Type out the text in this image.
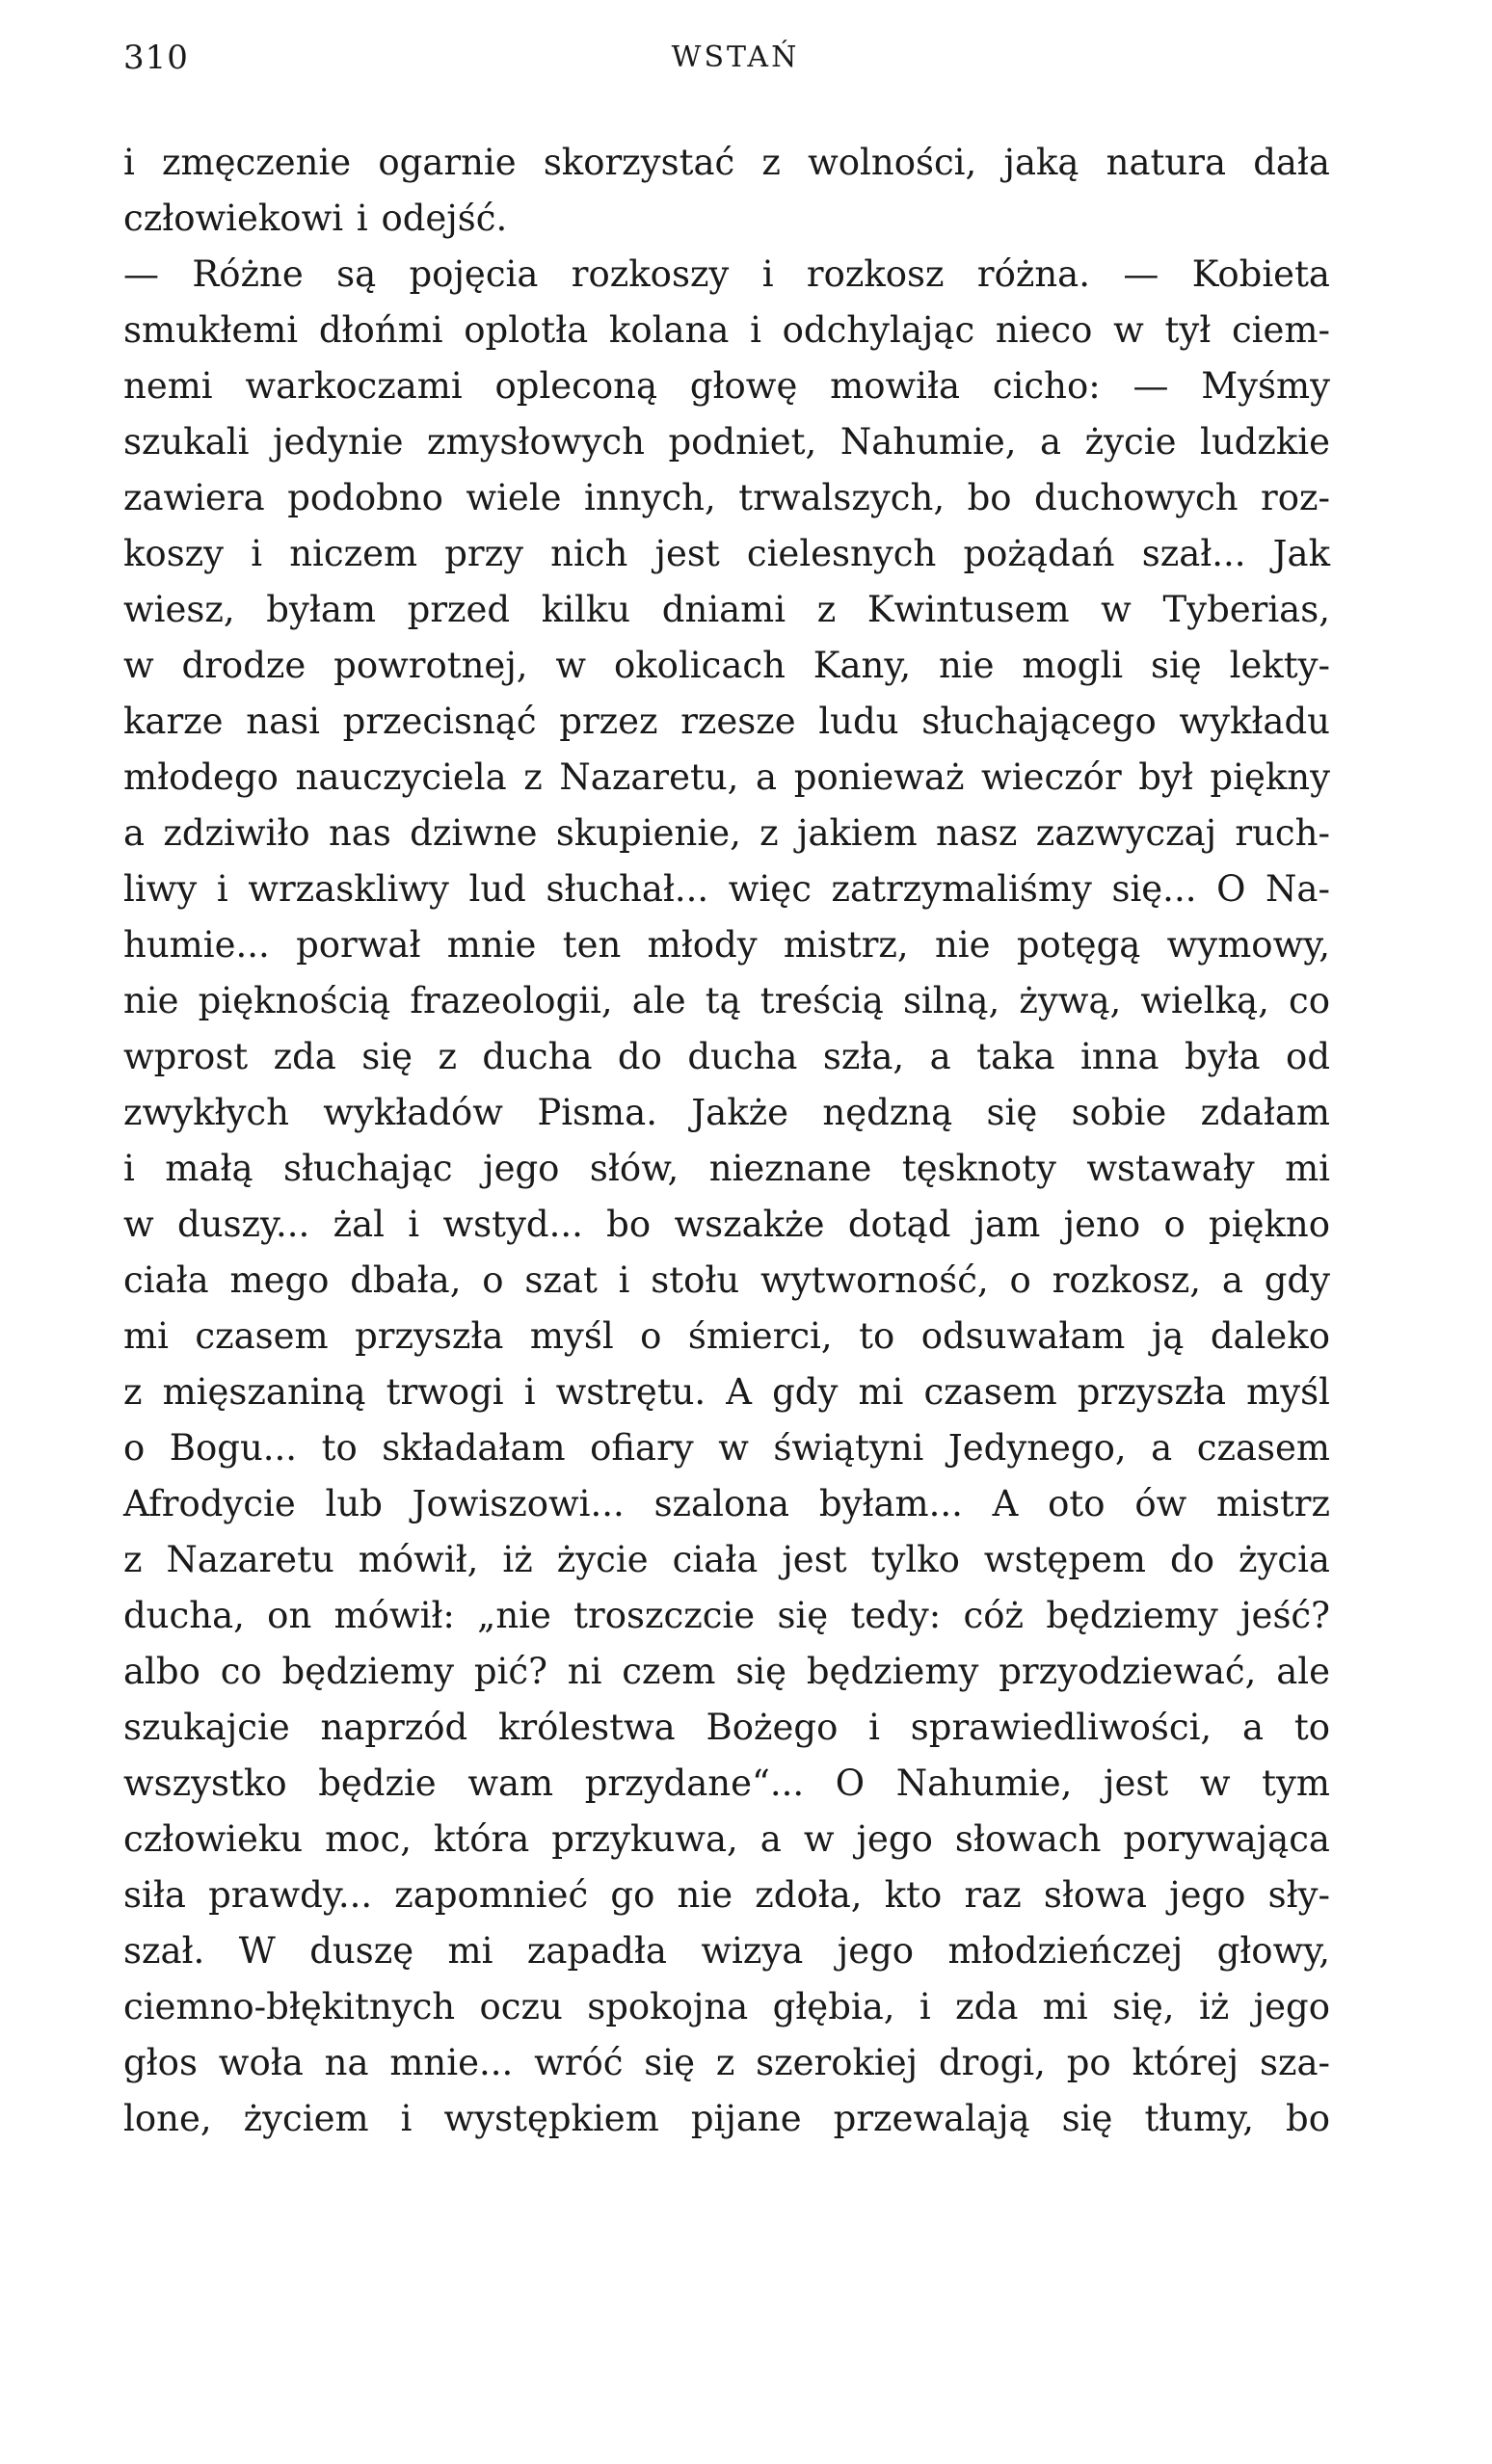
310	WSTAŃ
i zmęczenie ogarnie skorzystać z wolności, jaką natura dała
człowiekowi i odejść.
— Różne są pojęcia rozkoszy i rozkosz różna. — Kobieta
smukłemi dłońmi oplotła kolana i odchylając nieco w tył ciem-
nemi warkoczami opleconą głowę mowiła cicho: — Myśmy
szukali jedynie zmysłowych podniet, Nahumie, a życie ludzkie
zawiera podobno wiele innych, trwalszych, bo duchowych roz-
koszy i niczem przy nich jest cielesnych pożądań szał... Jak
wiesz, byłam przed kilku dniami z Kwintusem w Tyberias,
w drodze powrotnej, w okolicach Kany, nie mogli się lekty-
karze nasi przecisnąć przez rzesze ludu słuchającego wykładu
młodego nauczyciela z Nazaretu, a ponieważ wieczór był piękny
a zdziwiło nas dziwne skupienie, z jakiem nasz zazwyczaj ruch-
liwy i wrzaskliwy lud słuchał... więc zatrzymaliśmy się... O Na-
humie... porwał mnie ten młody mistrz, nie potęgą wymowy,
nie pięknością frazeologii, ale tą treścią silną, żywą, wielką, co
wprost zda się z ducha do ducha szła, a taka inna była od
zwykłych wykładów Pisma. Jakże nędzną się sobie zdałam
i małą słuchając jego słów, nieznane tęsknoty wstawały mi
w duszy... żal i wstyd... bo wszakże dotąd jam jeno o piękno
ciała mego dbała, o szat i stołu wytworność, o rozkosz, a gdy
mi czasem przyszła myśl o śmierci, to odsuwałam ją daleko
z mięszaniną trwogi i wstrętu. A gdy mi czasem przyszła myśl
o Bogu... to składałam ofiary w świątyni Jedynego, a czasem
Afrodycie lub Jowiszowi... szalona byłam... A oto ów mistrz
z Nazaretu mówił, iż życie ciała jest tylko wstępem do życia
ducha, on mówił: „nie troszczcie się tedy: cóż będziemy jeść?
albo co będziemy pić? ni czem się będziemy przyodziewać, ale
szukajcie naprzód królestwa Bożego i sprawiedliwości, a to
wszystko będzie wam przydane“... O Nahumie, jest w tym
człowieku moc, która przykuwa, a w jego słowach porywająca
siła prawdy... zapomnieć go nie zdoła, kto raz słowa jego sły-
szał. W duszę mi zapadła wizya jego młodzieńczej głowy,
ciemno-błękitnych oczu spokojna głębia, i zda mi się, iż jego
głos woła na mnie... wróć się z szerokiej drogi, po której sza-
lone, życiem i występkiem pijane przewalają się tłumy, bo
